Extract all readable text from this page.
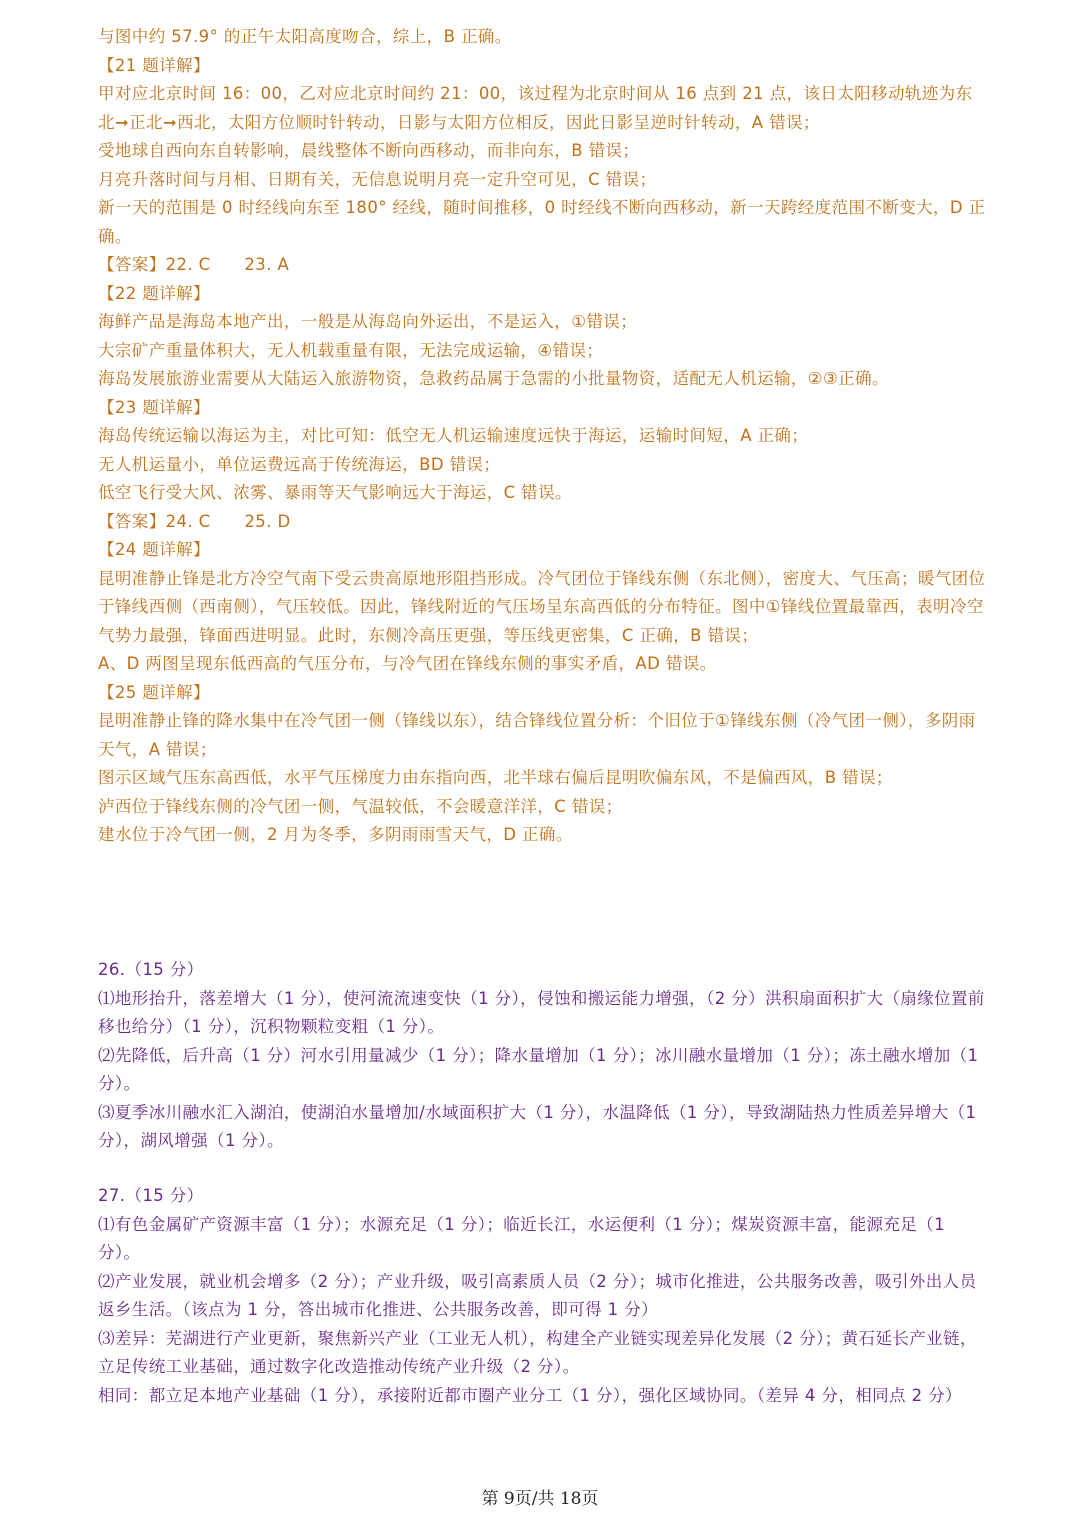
与图中约 57.9° 的正午太阳高度吻合，综上，B 正确。

【21 题详解】

甲对应北京时间 16：00，乙对应北京时间约 21：00，该过程为北京时间从 16 点到 21 点，该日太阳移动轨迹为东北➞正北➞西北，太阳方位顺时针转动，日影与太阳方位相反，因此日影呈逆时针转动，A 错误；

受地球自西向东自转影响，晨线整体不断向西移动，而非向东，B 错误；

月亮升落时间与月相、日期有关，无信息说明月亮一定升空可见，C 错误；

新一天的范围是 0 时经线向东至 180° 经线，随时间推移，0 时经线不断向西移动，新一天跨经度范围不断变大，D 正确。

【答案】22. C　　23. A

【22 题详解】

海鲜产品是海岛本地产出，一般是从海岛向外运出，不是运入，①错误；

大宗矿产重量体积大，无人机载重量有限，无法完成运输，④错误；

海岛发展旅游业需要从大陆运入旅游物资，急救药品属于急需的小批量物资，适配无人机运输，②③正确。

【23 题详解】

海岛传统运输以海运为主，对比可知：低空无人机运输速度远快于海运，运输时间短，A 正确；

无人机运量小，单位运费远高于传统海运，BD 错误；

低空飞行受大风、浓雾、暴雨等天气影响远大于海运，C 错误。

【答案】24. C　　25. D

【24 题详解】

昆明准静止锋是北方冷空气南下受云贵高原地形阻挡形成。冷气团位于锋线东侧（东北侧），密度大、气压高；暖气团位于锋线西侧（西南侧），气压较低。因此，锋线附近的气压场呈东高西低的分布特征。图中①锋线位置最靠西，表明冷空气势力最强，锋面西进明显。此时，东侧冷高压更强，等压线更密集，C 正确，B 错误；

A、D 两图呈现东低西高的气压分布，与冷气团在锋线东侧的事实矛盾，AD 错误。

【25 题详解】

昆明准静止锋的降水集中在冷气团一侧（锋线以东），结合锋线位置分析：个旧位于①锋线东侧（冷气团一侧），多阴雨天气，A 错误；

图示区域气压东高西低，水平气压梯度力由东指向西，北半球右偏后昆明吹偏东风，不是偏西风，B 错误；

泸西位于锋线东侧的冷气团一侧，气温较低，不会暖意洋洋，C 错误；

建水位于冷气团一侧，2 月为冬季，多阴雨雨雪天气，D 正确。

26.（15 分）

⑴地形抬升，落差增大（1 分），使河流流速变快（1 分），侵蚀和搬运能力增强，（2 分）洪积扇面积扩大（扇缘位置前移也给分）（1 分），沉积物颗粒变粗（1 分）。

⑵先降低，后升高（1 分）河水引用量减少（1 分）；降水量增加（1 分）；冰川融水量增加（1 分）；冻土融水增加（1 分）。

⑶夏季冰川融水汇入湖泊，使湖泊水量增加/水域面积扩大（1 分），水温降低（1 分），导致湖陆热力性质差异增大（1 分），湖风增强（1 分）。

27.（15 分）

⑴有色金属矿产资源丰富（1 分）；水源充足（1 分）；临近长江，水运便利（1 分）；煤炭资源丰富，能源充足（1 分）。

⑵产业发展，就业机会增多（2 分）；产业升级，吸引高素质人员（2 分）；城市化推进，公共服务改善，吸引外出人员返乡生活。（该点为 1 分，答出城市化推进、公共服务改善，即可得 1 分）

⑶差异：芜湖进行产业更新，聚焦新兴产业（工业无人机），构建全产业链实现差异化发展（2 分）；黄石延长产业链，立足传统工业基础，通过数字化改造推动传统产业升级（2 分）。

相同：都立足本地产业基础（1 分），承接附近都市圈产业分工（1 分），强化区域协同。（差异 4 分，相同点 2 分）

第 9页/共 18页
